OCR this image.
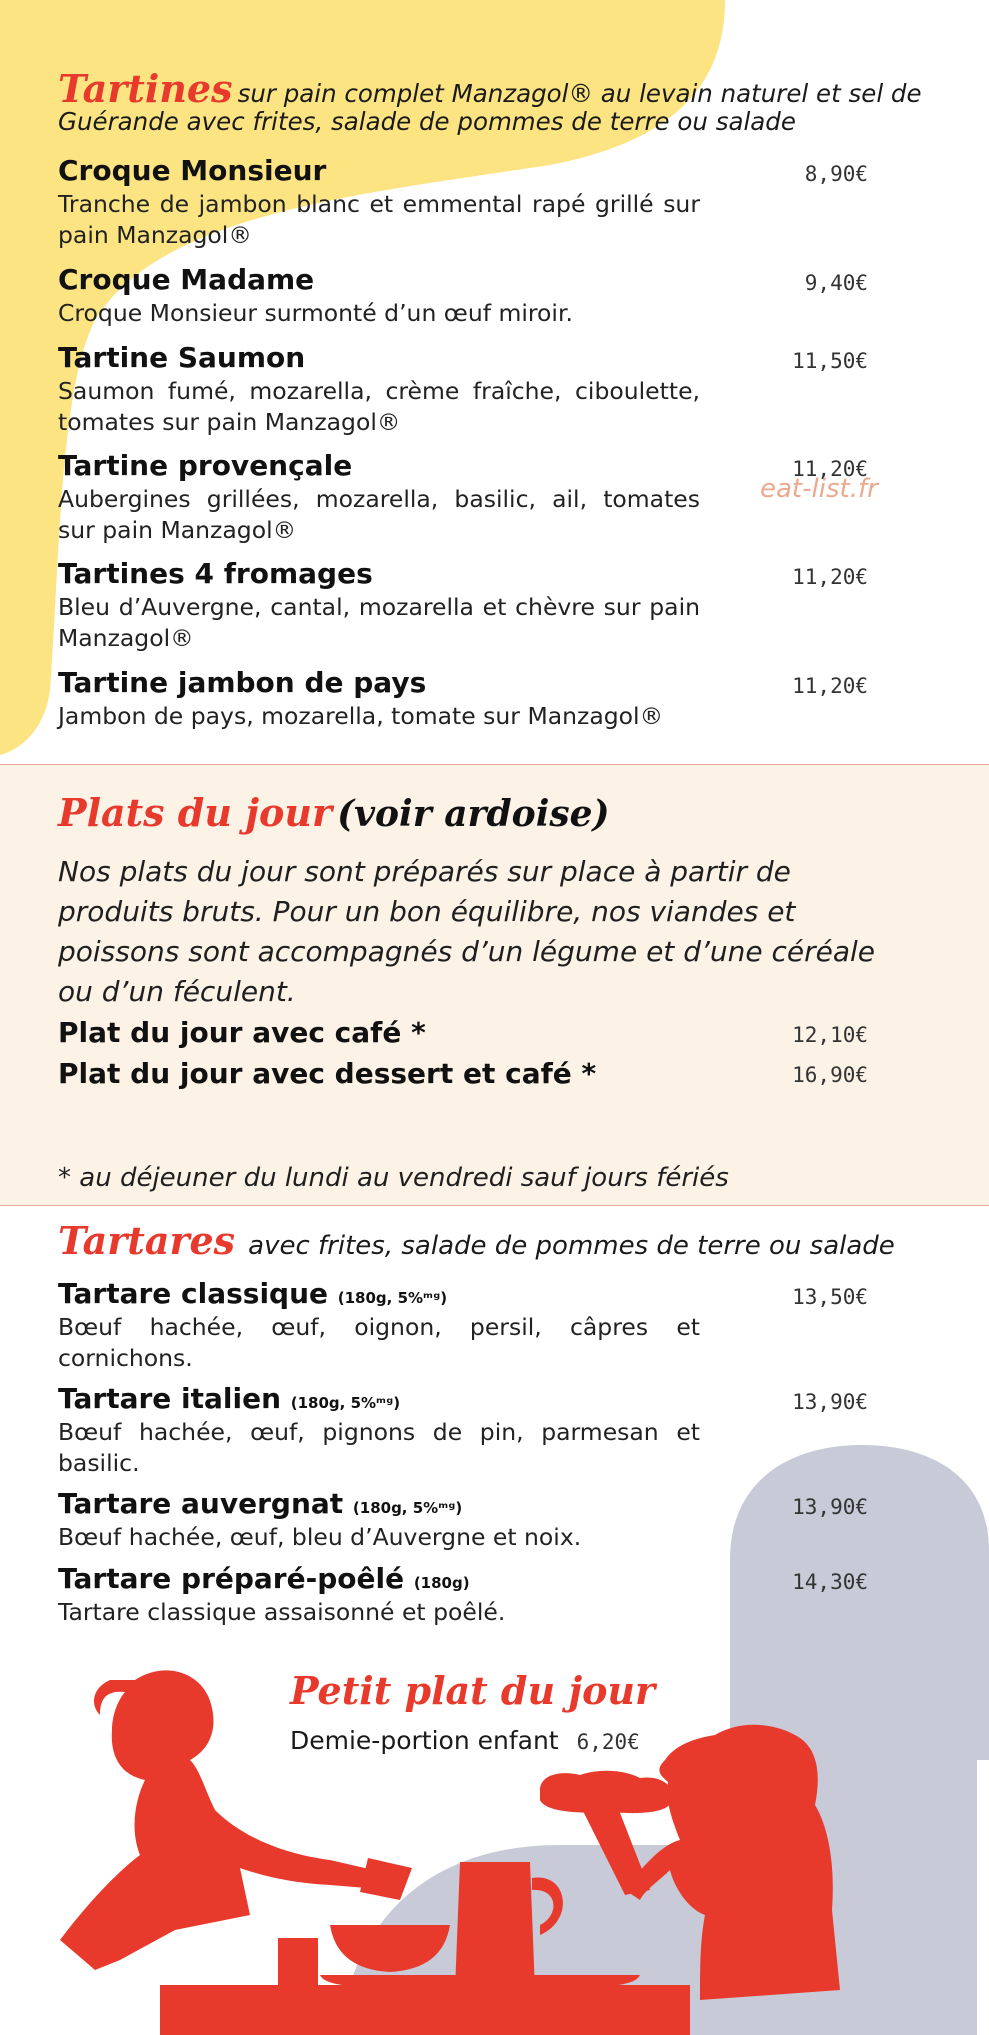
Tartines sur pain complet Manzagol® au levain naturel et sel de
Guérande avec frites, salade de pommes de terre ou salade
Croque Monsieur
Tranche de jambon blanc et emmental rapé grillé sur pain Manzagol®
8,90€
Croque Madame
Croque Monsieur surmonté d’un œuf miroir.
9,40€
Tartine Saumon
Saumon fumé, mozarella, crème fraîche, ciboulette, tomates sur pain Manzagol®
11,50€
Tartine provençale
Aubergines grillées, mozarella, basilic, ail, tomates sur pain Manzagol®
11,20€
eat-list.fr
Tartines 4 fromages
Bleu d’Auvergne, cantal, mozarella et chèvre sur pain Manzagol®
11,20€
Tartine jambon de pays
Jambon de pays, mozarella, tomate sur Manzagol®
11,20€
Plats du jour (voir ardoise)
Nos plats du jour sont préparés sur place à partir de produits bruts. Pour un bon équilibre, nos viandes et poissons sont accompagnés d’un légume et d’une céréale ou d’un féculent.
Plat du jour avec café *	12,10€
Plat du jour avec dessert et café *	16,90€
* au déjeuner du lundi au vendredi sauf jours fériés
Tartares avec frites, salade de pommes de terre ou salade
Tartare classique (180g, 5%ᵐᵍ)
Bœuf hachée, œuf, oignon, persil, câpres et cornichons.
13,50€
Tartare italien (180g, 5%ᵐᵍ)
Bœuf hachée, œuf, pignons de pin, parmesan et basilic.
13,90€
Tartare auvergnat (180g, 5%ᵐᵍ)
Bœuf hachée, œuf, bleu d’Auvergne et noix.
13,90€
Tartare préparé-poêlé (180g)
Tartare classique assaisonné et poêlé.
14,30€
Petit plat du jour
Demie-portion enfant 6,20€
